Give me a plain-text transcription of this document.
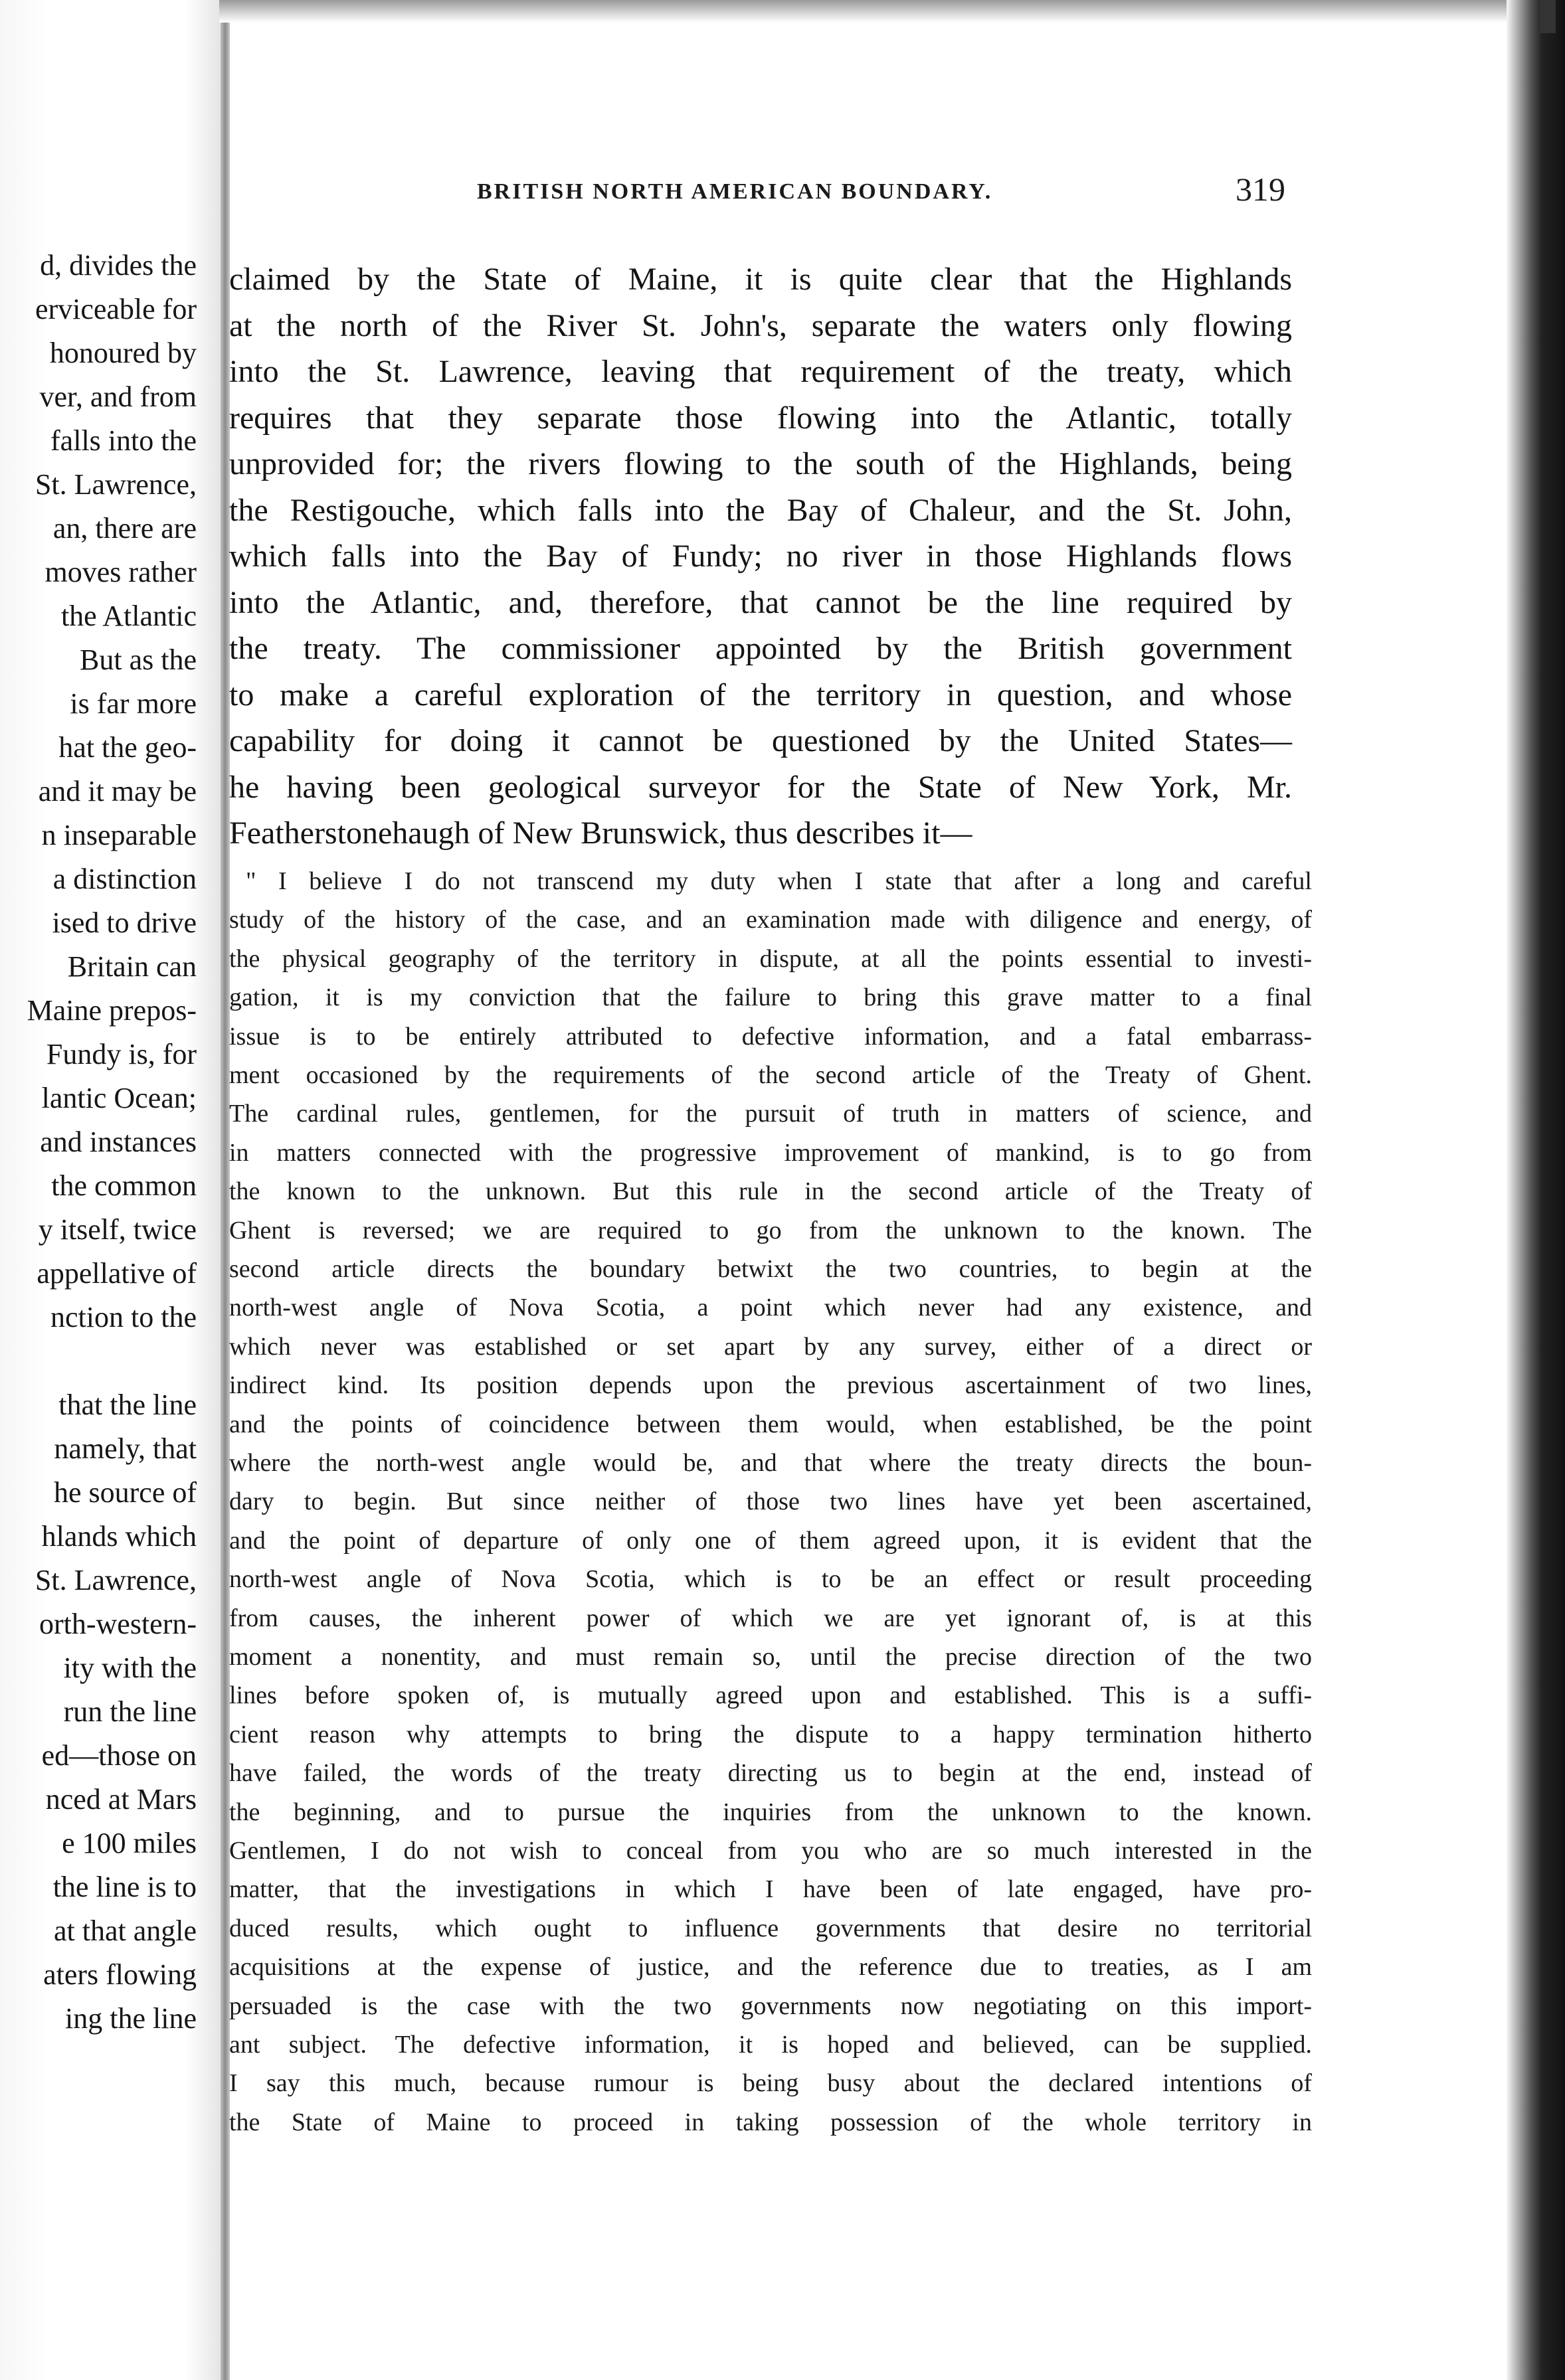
d, divides the
erviceable for
honoured by
ver, and from
falls into the
St. Lawrence,
an, there are
moves rather
the Atlantic
But as the
is far more
hat the geo-
and it may be
n inseparable
a distinction
ised to drive
Britain can
Maine prepos-
Fundy is, for
lantic Ocean;
and instances
the common
y itself, twice
appellative of
nction to the
that the line
namely, that
he source of
hlands which
St. Lawrence,
orth-western-
ity with the
run the line
ed—those on
nced at Mars
e 100 miles
the line is to
at that angle
aters flowing
ing the line
BRITISH NORTH AMERICAN BOUNDARY.	319
claimed by the State of Maine, it is quite clear that the Highlands
at the north of the River St. John's, separate the waters only flowing
into the St. Lawrence, leaving that requirement of the treaty, which
requires that they separate those flowing into the Atlantic, totally
unprovided for; the rivers flowing to the south of the Highlands, being
the Restigouche, which falls into the Bay of Chaleur, and the St. John,
which falls into the Bay of Fundy; no river in those Highlands flows
into the Atlantic, and, therefore, that cannot be the line required by
the treaty. The commissioner appointed by the British government
to make a careful exploration of the territory in question, and whose
capability for doing it cannot be questioned by the United States—
he having been geological surveyor for the State of New York, Mr.
Featherstonehaugh of New Brunswick, thus describes it—
" I believe I do not transcend my duty when I state that after a long and careful
study of the history of the case, and an examination made with diligence and energy, of
the physical geography of the territory in dispute, at all the points essential to investi-
gation, it is my conviction that the failure to bring this grave matter to a final
issue is to be entirely attributed to defective information, and a fatal embarrass-
ment occasioned by the requirements of the second article of the Treaty of Ghent.
The cardinal rules, gentlemen, for the pursuit of truth in matters of science, and
in matters connected with the progressive improvement of mankind, is to go from
the known to the unknown. But this rule in the second article of the Treaty of
Ghent is reversed; we are required to go from the unknown to the known. The
second article directs the boundary betwixt the two countries, to begin at the
north-west angle of Nova Scotia, a point which never had any existence, and
which never was established or set apart by any survey, either of a direct or
indirect kind. Its position depends upon the previous ascertainment of two lines,
and the points of coincidence between them would, when established, be the point
where the north-west angle would be, and that where the treaty directs the boun-
dary to begin. But since neither of those two lines have yet been ascertained,
and the point of departure of only one of them agreed upon, it is evident that the
north-west angle of Nova Scotia, which is to be an effect or result proceeding
from causes, the inherent power of which we are yet ignorant of, is at this
moment a nonentity, and must remain so, until the precise direction of the two
lines before spoken of, is mutually agreed upon and established. This is a suffi-
cient reason why attempts to bring the dispute to a happy termination hitherto
have failed, the words of the treaty directing us to begin at the end, instead of
the beginning, and to pursue the inquiries from the unknown to the known.
Gentlemen, I do not wish to conceal from you who are so much interested in the
matter, that the investigations in which I have been of late engaged, have pro-
duced results, which ought to influence governments that desire no territorial
acquisitions at the expense of justice, and the reference due to treaties, as I am
persuaded is the case with the two governments now negotiating on this import-
ant subject. The defective information, it is hoped and believed, can be supplied.
I say this much, because rumour is being busy about the declared intentions of
the State of Maine to proceed in taking possession of the whole territory in
